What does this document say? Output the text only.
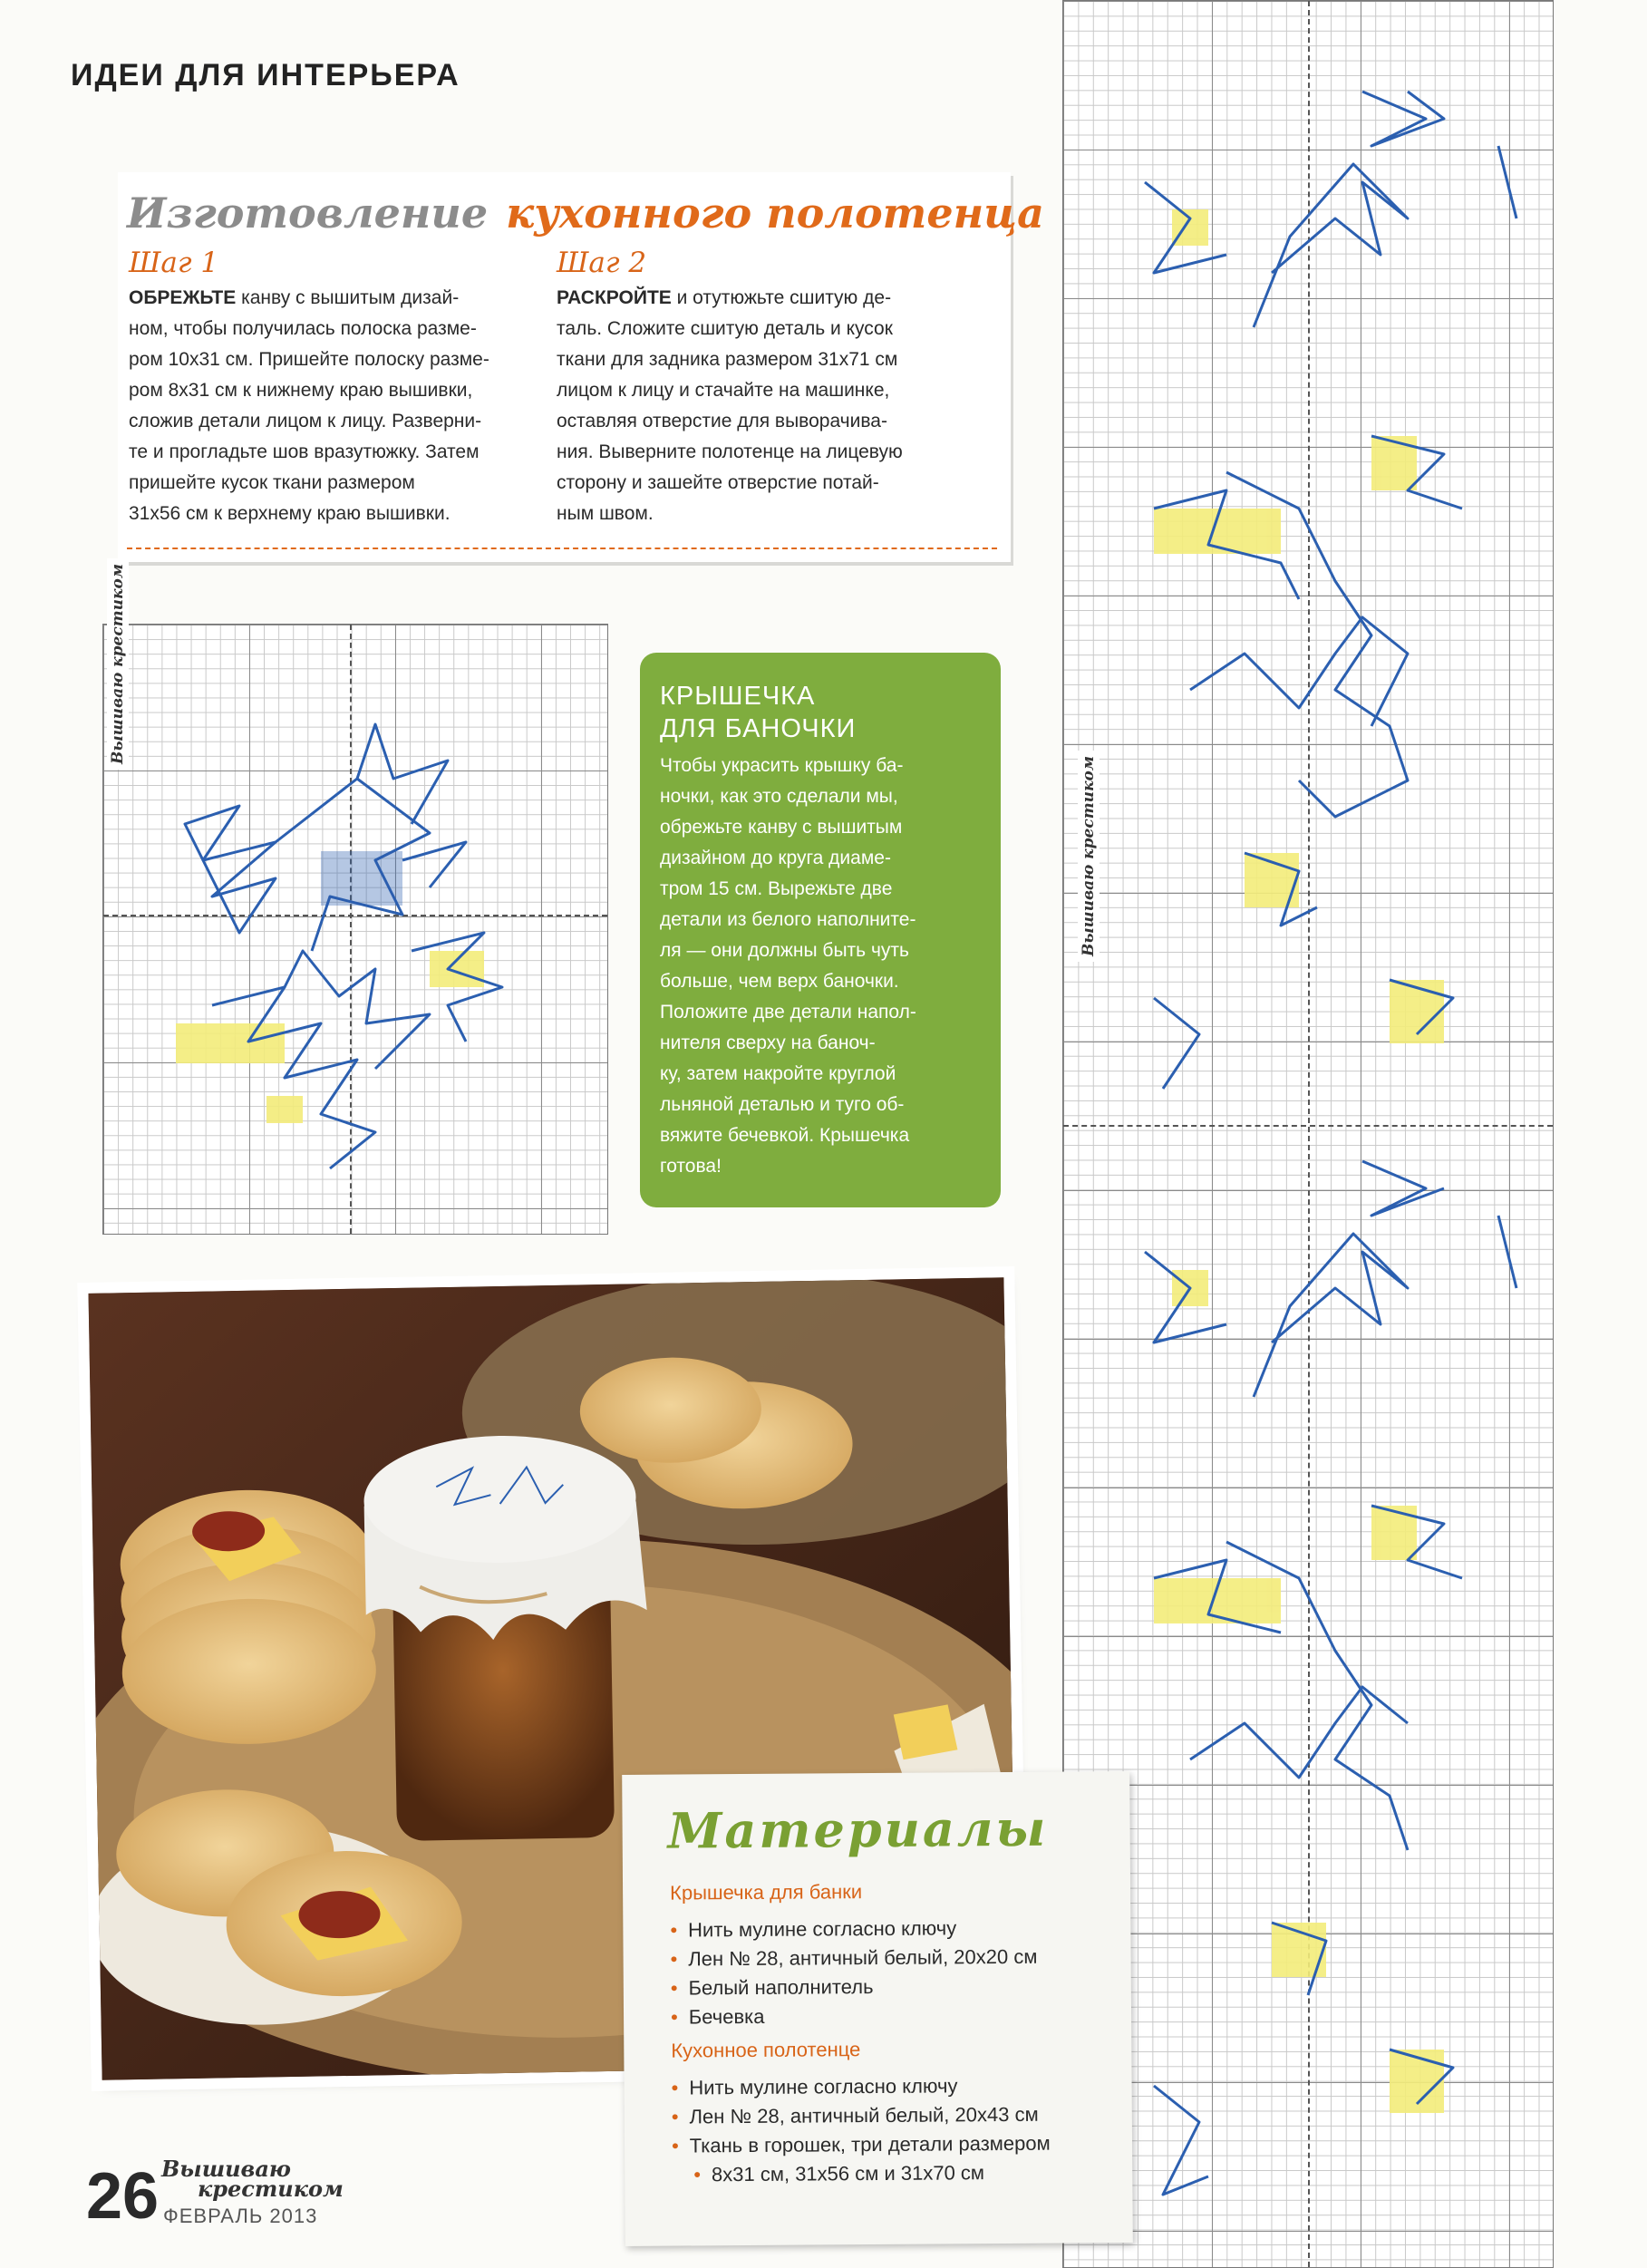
ИДЕИ ДЛЯ ИНТЕРЬЕРА
Изготовление кухонного полотенца
Шаг 1
ОБРЕЖЬТЕ канву с вышитым дизай-
ном, чтобы получилась полоска разме-
ром 10x31 см. Пришейте полоску разме-
ром 8x31 см к нижнему краю вышивки,
сложив детали лицом к лицу. Разверни-
те и прогладьте шов вразутюжку. Затем
пришейте кусок ткани размером
31x56 см к верхнему краю вышивки.
Шаг 2
РАСКРОЙТЕ и отутюжьте сшитую де-
таль. Сложите сшитую деталь и кусок
ткани для задника размером 31x71 см
лицом к лицу и стачайте на машинке,
оставляя отверстие для выворачива-
ния. Выверните полотенце на лицевую
сторону и зашейте отверстие потай-
ным швом.
Вышиваю крестиком	КРЫШЕЧКА
ДЛЯ БАНОЧКИ
Чтобы украсить крышку ба-
ночки, как это сделали мы,
обрежьте канву с вышитым
дизайном до круга диаме-
тром 15 см. Вырежьте две
детали из белого наполните-
ля — они должны быть чуть
больше, чем верх баночки.
Положите две детали напол-
нителя сверху на баноч-
ку, затем накройте круглой
льняной деталью и туго об-
вяжите бечевкой. Крышечка
готова!
Вышиваю крестиком
Материалы
Крышечка для банки
• Нить мулине согласно ключу
• Лен № 28, античный белый, 20x20 см
• Белый наполнитель
• Бечевка
Кухонное полотенце
• Нить мулине согласно ключу
• Лен № 28, античный белый, 20x43 см
• Ткань в горошек, три детали размером
• 8x31 см, 31x56 см и 31x70 см
26 Вышиваю
крестиком
ФЕВРАЛЬ 2013
